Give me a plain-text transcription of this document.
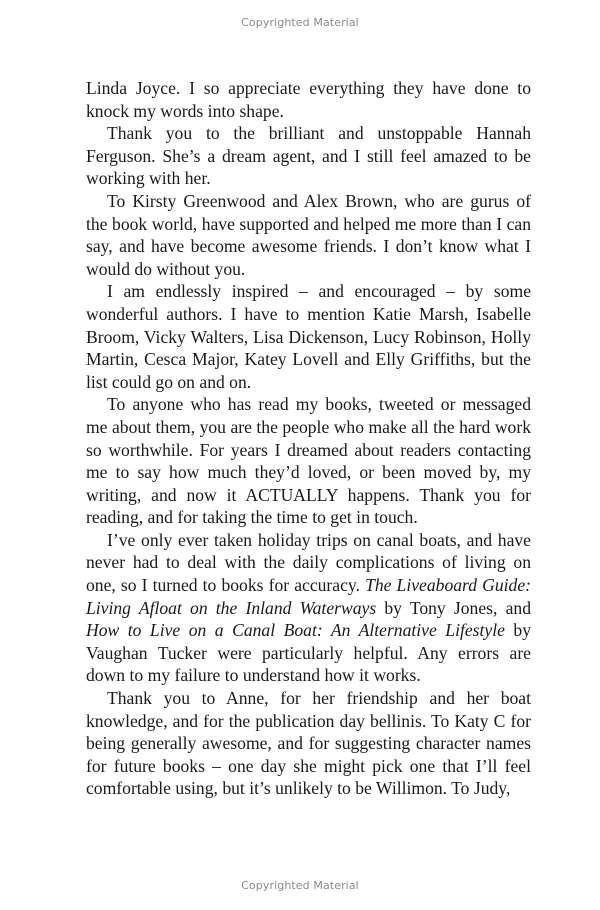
Copyrighted Material

Linda Joyce. I so appreciate everything they have done to knock my words into shape.

Thank you to the brilliant and unstoppable Hannah Ferguson. She’s a dream agent, and I still feel amazed to be working with her.

To Kirsty Greenwood and Alex Brown, who are gurus of the book world, have supported and helped me more than I can say, and have become awesome friends. I don’t know what I would do without you.

I am endlessly inspired – and encouraged – by some wonderful authors. I have to mention Katie Marsh, Isabelle Broom, Vicky Walters, Lisa Dickenson, Lucy Robinson, Holly Martin, Cesca Major, Katey Lovell and Elly Griffiths, but the list could go on and on.

To anyone who has read my books, tweeted or messaged me about them, you are the people who make all the hard work so worthwhile. For years I dreamed about readers contacting me to say how much they’d loved, or been moved by, my writing, and now it ACTUALLY happens. Thank you for reading, and for taking the time to get in touch.

I’ve only ever taken holiday trips on canal boats, and have never had to deal with the daily complications of living on one, so I turned to books for accuracy. The Liveaboard Guide: Living Afloat on the Inland Waterways by Tony Jones, and How to Live on a Canal Boat: An Alternative Lifestyle by Vaughan Tucker were particularly helpful. Any errors are down to my failure to understand how it works.

Thank you to Anne, for her friendship and her boat knowledge, and for the publication day bellinis. To Katy C for being generally awesome, and for suggesting character names for future books – one day she might pick one that I’ll feel comfortable using, but it’s unlikely to be Willimon. To Judy,

Copyrighted Material
